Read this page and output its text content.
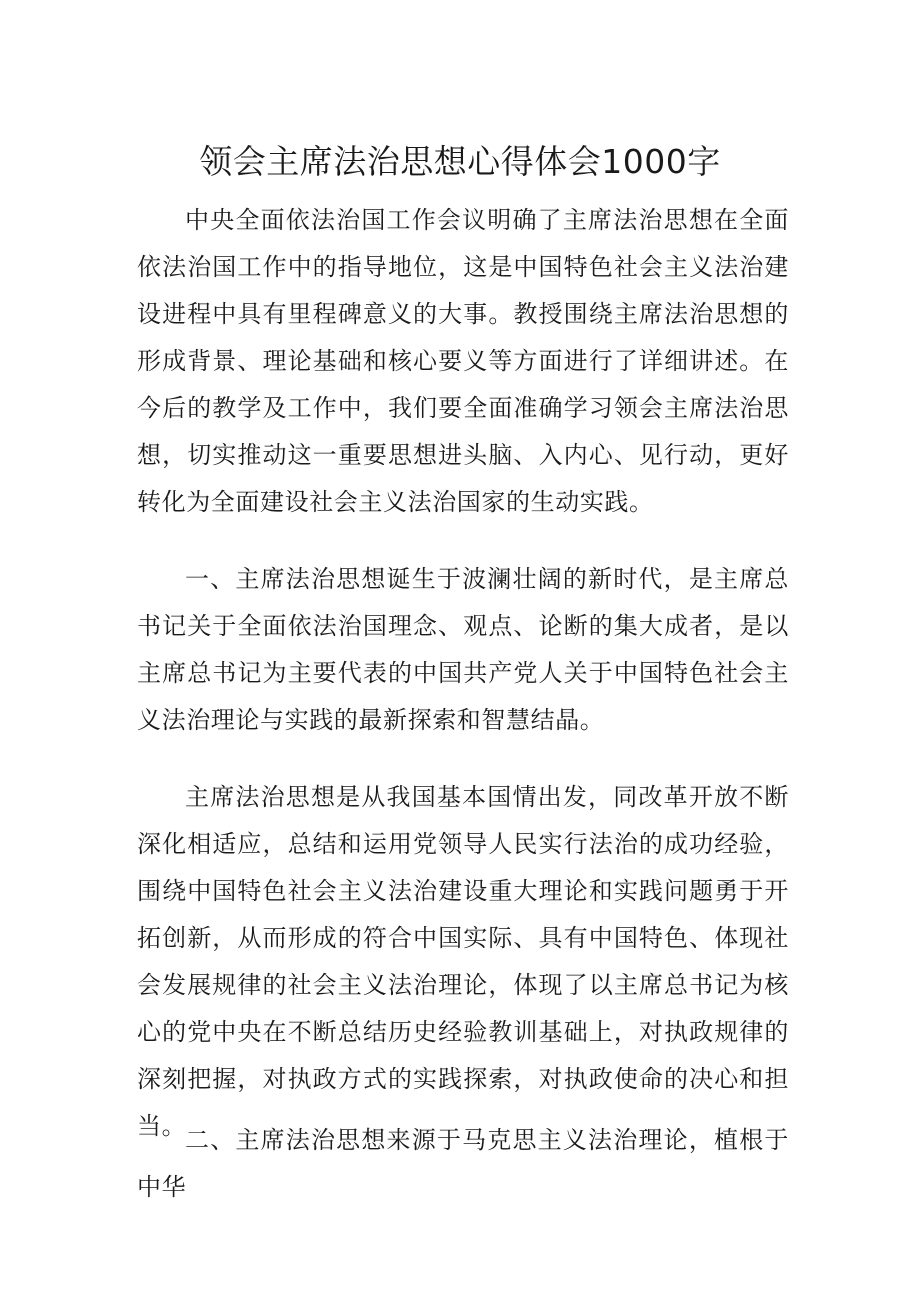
领会主席法治思想心得体会1000字

中央全面依法治国工作会议明确了主席法治思想在全面依法治国工作中的指导地位，这是中国特色社会主义法治建设进程中具有里程碑意义的大事。教授围绕主席法治思想的形成背景、理论基础和核心要义等方面进行了详细讲述。在今后的教学及工作中，我们要全面准确学习领会主席法治思想，切实推动这一重要思想进头脑、入内心、见行动，更好转化为全面建设社会主义法治国家的生动实践。

一、主席法治思想诞生于波澜壮阔的新时代，是主席总书记关于全面依法治国理念、观点、论断的集大成者，是以主席总书记为主要代表的中国共产党人关于中国特色社会主义法治理论与实践的最新探索和智慧结晶。

主席法治思想是从我国基本国情出发，同改革开放不断深化相适应，总结和运用党领导人民实行法治的成功经验，围绕中国特色社会主义法治建设重大理论和实践问题勇于开拓创新，从而形成的符合中国实际、具有中国特色、体现社会发展规律的社会主义法治理论，体现了以主席总书记为核心的党中央在不断总结历史经验教训基础上，对执政规律的深刻把握，对执政方式的实践探索，对执政使命的决心和担当。

二、主席法治思想来源于马克思主义法治理论，植根于中华
